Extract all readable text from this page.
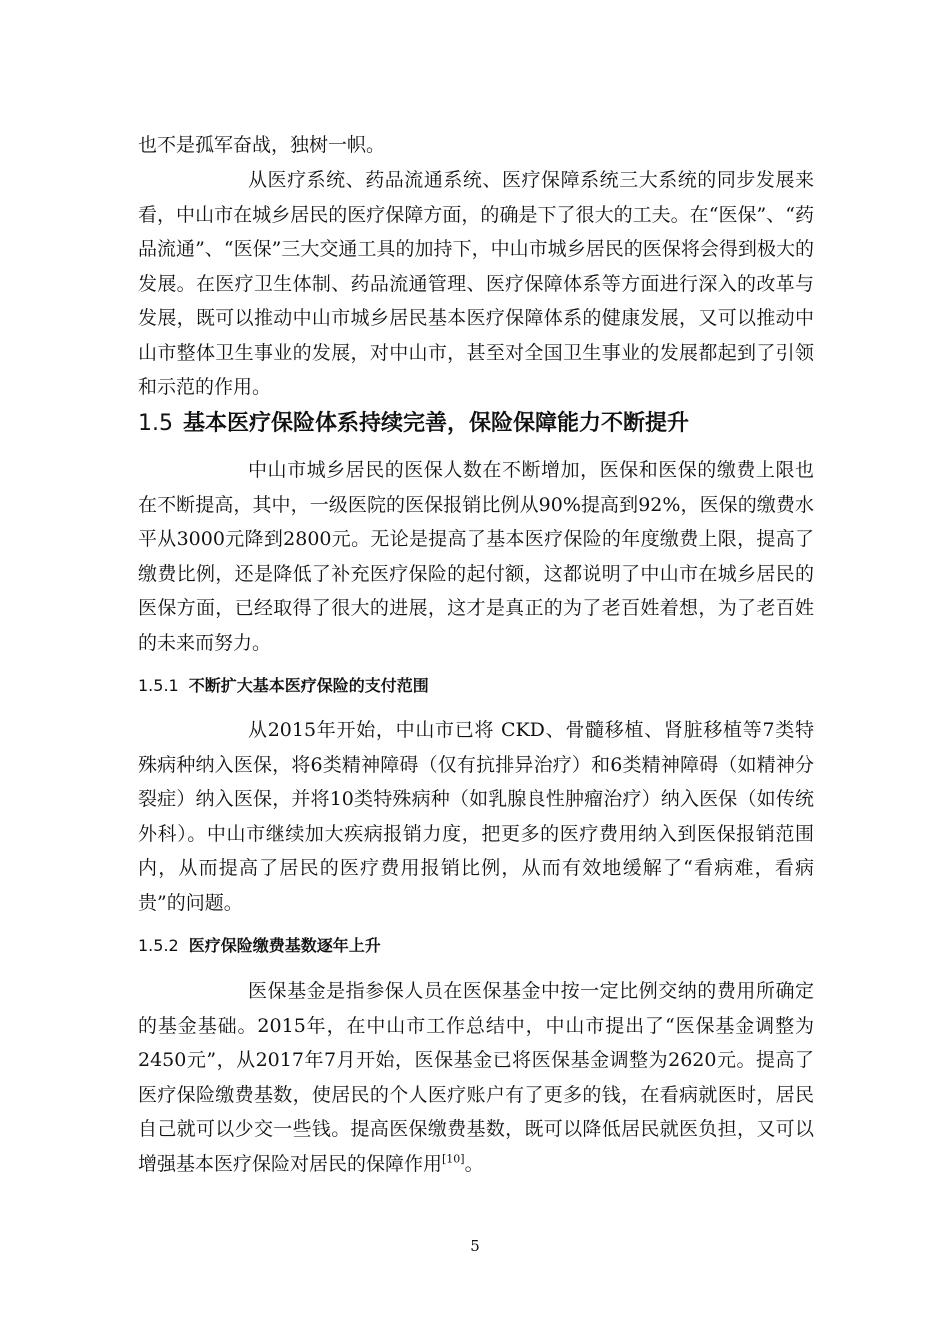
也不是孤军奋战，独树一帜。

从医疗系统、药品流通系统、医疗保障系统三大系统的同步发展来看，中山市在城乡居民的医疗保障方面，的确是下了很大的工夫。在“医保”、“药品流通”、“医保”三大交通工具的加持下，中山市城乡居民的医保将会得到极大的发展。在医疗卫生体制、药品流通管理、医疗保障体系等方面进行深入的改革与发展，既可以推动中山市城乡居民基本医疗保障体系的健康发展，又可以推动中山市整体卫生事业的发展，对中山市，甚至对全国卫生事业的发展都起到了引领和示范的作用。

1.5 基本医疗保险体系持续完善，保险保障能力不断提升

中山市城乡居民的医保人数在不断增加，医保和医保的缴费上限也在不断提高，其中，一级医院的医保报销比例从90%提高到92%，医保的缴费水平从3000元降到2800元。无论是提高了基本医疗保险的年度缴费上限，提高了缴费比例，还是降低了补充医疗保险的起付额，这都说明了中山市在城乡居民的医保方面，已经取得了很大的进展，这才是真正的为了老百姓着想，为了老百姓的未来而努力。

1.5.1 不断扩大基本医疗保险的支付范围

从2015年开始，中山市已将 CKD、骨髓移植、肾脏移植等7类特殊病种纳入医保，将6类精神障碍（仅有抗排异治疗）和6类精神障碍（如精神分裂症）纳入医保，并将10类特殊病种（如乳腺良性肿瘤治疗）纳入医保（如传统外科）。中山市继续加大疾病报销力度，把更多的医疗费用纳入到医保报销范围内，从而提高了居民的医疗费用报销比例，从而有效地缓解了“看病难，看病贵”的问题。

1.5.2 医疗保险缴费基数逐年上升

医保基金是指参保人员在医保基金中按一定比例交纳的费用所确定的基金基础。2015年，在中山市工作总结中，中山市提出了“医保基金调整为2450元”，从2017年7月开始，医保基金已将医保基金调整为2620元。提高了医疗保险缴费基数，使居民的个人医疗账户有了更多的钱，在看病就医时，居民自己就可以少交一些钱。提高医保缴费基数，既可以降低居民就医负担，又可以增强基本医疗保险对居民的保障作用[10]。

5
